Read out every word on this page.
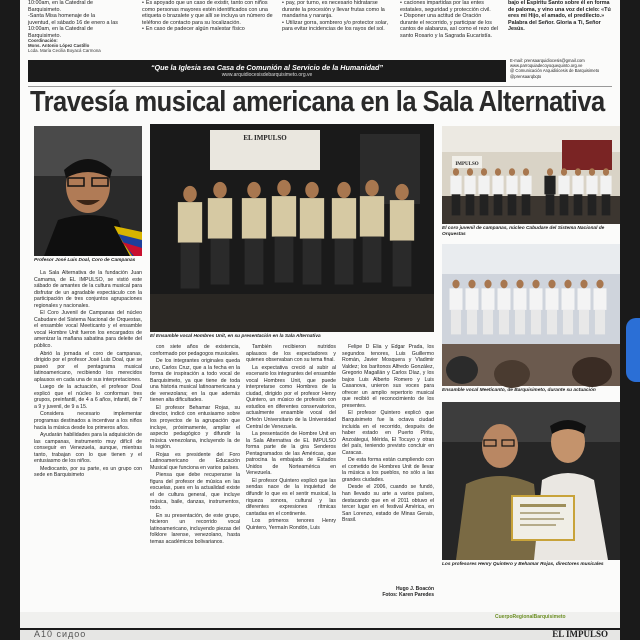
10:00am, en la Catedral de Barquisimeto.
-Santa Misa homenaje de la juventud, el sábado 16 de enero a las 10:00am, en la Catedral de Barquisimeto.
• Es apoyado que un caso de existir, tanto con niños como personas mayores estén identificados con una etiqueta o brazalete y que allí se incluya un número de teléfono de contacto para su localización.
• En caso de padecer algún malestar físico
• pay, por turno, es necesario hidratarse durante la procesión y llevar frutas como la mandarina y naranja.
• Utilizar gorra, sombrero y/o protector solar, para evitar incidencias de los rayos del sol.
• caciones impartidas por las entes estatales, seguridad y protección civil.
• Disponer una actitud de Oración durante el recorrido, y participar de los cantos de alabanza, así como el rezo del santo Rosario y la Sagrada Eucaristía.
bajo el Espíritu Santo sobre él en forma de paloma, y vino una voz del cielo: «Tú eres mi Hijo, el amado, el predilecto.» Palabra del Señor. Gloria a Ti, Señor Jesús.
Coordinación:
Mons. Antonio López Castillo
Lcda. María Cecilia Boyacá Carmona
“Que la Iglesia sea Casa de Comunión al Servicio de la Humanidad”
www.arquidiocesisdebarquisimeto.org.ve
E-mail: prensaarquidiocesis@gmail.com
www.parroquiadecoyoquequinto.org.ve
@ Comunicación Arquidiócesis de Barquisimeto
@prensaarqbqto
Travesía musical americana en la Sala Alternativa
Profesor José Luis Doal, Coro de Campanas
EL IMPULSO
El Ensamble vocal Hombres Unit, en su presentación en la Sala Alternativa
IMPULSO
El coro juvenil de campanas, núcleo Cabudare del Sistema Nacional de Orquestas
Ensamble vocal Meeticanto, de Barquisimeto, durante su actuación
Los profesores Henry Quintero y Behamar Rojas, directores musicales

La Sala Alternativa de la fundación Juan Camama, de EL IMPULSO, se vistió este sábado de amantes de la cultura musical para disfrutar de un agradable espectáculo con la participación de tres conjuntos agrupaciones regionales y nacionales.

El Coro Juvenil de Campanas del núcleo Cabudare del Sistema Nacional de Orquestas, el ensamble vocal Meeticanto y el ensamble vocal Hombre Unit fueron los encargados de amenizar la mañana sabatina para deleite del público.

Abrió la jornada el coro de campanas, dirigido por el profesor José Luis Doal, que se paseó por el pentagrama musical latinoamericano, recibiendo los merecidos aplausos en cada una de sus interpretaciones.

Luego de la actuación, el profesor Doal explicó que el núcleo lo conforman tres grupos, preinfantil, de 4 a 6 años, infantil, de 7 a 9 y juvenil, de 9 a 15.

Considera necesario implementar programas destinados a incentivar a los niños hacia la música desde los primeros años.

Ayudarán habilidades para la adquisición de las campanas, instrumento muy difícil de conseguir en Venezuela, aunque, mientras tanto, trabajan con lo que tienen y el entusiasmo de los niños.

Mediocanto, por su parte, es un grupo con sede en Barquisimeto

con siete años de existencia, conformado por pedagogos musicales.

De los integrantes originales queda uno, Carlos Cruz, que a la fecha en la forma de inspiración a todo vocal de Barquisimeto, ya que tiene de toda una historia musical latinoamericana y de venezolana; en la que además tienen alta dificultades.

El profesor Behamar Rojas, su director, indicó con entusiasmo sobre los proyectos de la agrupación que incluye, próximamente, ampliar el aspecto pedagógico y difundir la música venezolana, incluyendo la de la región.

Rojas es presidente del Foro Latinoamericano de Educación Musical que funciona en varios países.

Piensa que debe recuperarse la figura del profesor de música en las escuelas, pues en la actualidad existe el de cultura general, que incluye música, baile, danzas, instrumentos, todo.

En su presentación, de este grupo, hicieron un recorrido vocal latinoamericano, incluyendo piezas del folklore larense, venezolano, hasta temas académicos bolivarianos.

También recibieron nutridos aplausos de los espectadores y quienes observaban con su tema final.

La expectativa creció al subir al escenario los integrantes del ensamble vocal Hombres Unit, que puede interpretarse como Hombres de la ciudad, dirigido por el profesor Henry Quintero, un músico de profesión con estudios en diferentes conservatorios, actualmente ensamble vocal del Orfeón Universitario de la Universidad Central de Venezuela.

La presentación de Hombre Unit en la Sala Alternativa de EL IMPULSO forma parte de la gira Senderos Pentagramados de las Américas, que patrocina la embajada de Estados Unidos de Norteamérica en Venezuela.

El profesor Quintero explicó que las sendas nace de la inquietud de difundir lo que es el sentir musical, la riqueza sonora, cultural y las diferentes expresiones rítmicas cantadas en el continente.

Los primeros tenores Henry Quintero, Yermaín Rondón, Luis

Felipe D Elia y Edgar Prada, los segundos tenores, Luis Guillermo Román, Javier Mosquera y Vladimir Valdez; los barítonos Alfredo González, Gregorio Magallán y Carlos Díaz, y los bajos Luis Alberto Romero y Luis Casanova, unieron sus voces para ofrecer un amplio repertorio musical que recibió el reconocimiento de los presentes.

El profesor Quintero explicó que Barquisimeto fue la octava ciudad incluida en el recorrido, después de haber estado en Puerto Píritu, Anzoátegui, Mérida, El Tocuyo y otras del país, teniendo previsto concluir en Caracas.

De esta forma están cumpliendo con el cometido de Hombres Unit de llevar la música a los pueblos, no sólo a las grandes ciudades.

Desde el 2006, cuando se fundó, han llevado su arte a varios países, destacando que en el 2011 obtuvo el tercer lugar en el festival América, en San Lorenzo, estado de Minas Gerais, Brasil.

Hugo J. Boacón
Fotos: Karen Paredes
CuerpoRegionalBarquisimeto
A10 сидоо	EL IMPULSO
